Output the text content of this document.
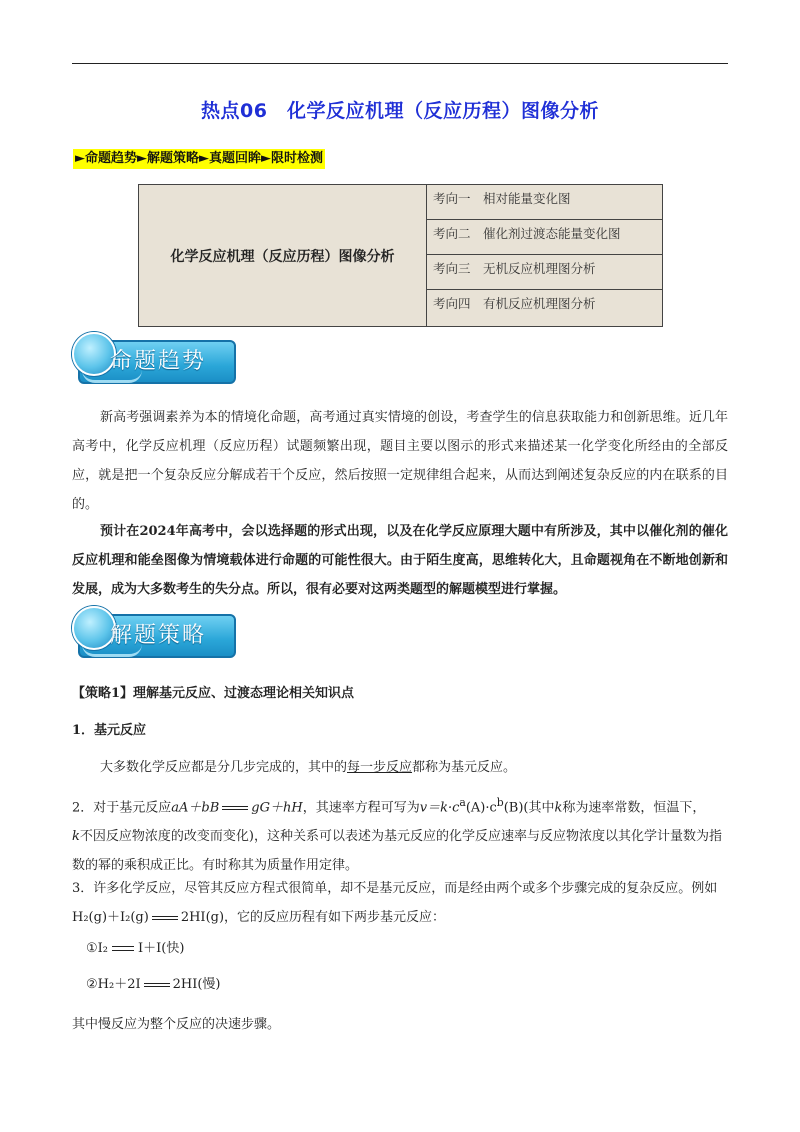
热点06　化学反应机理（反应历程）图像分析
►命题趋势►解题策略►真题回眸►限时检测
化学反应机理（反应历程）图像分析
考向一　相对能量变化图
考向二　催化剂过渡态能量变化图
考向三　无机反应机理图分析
考向四　有机反应机理图分析
命题趋势

新高考强调素养为本的情境化命题，高考通过真实情境的创设，考查学生的信息获取能力和创新思维。近几年高考中，化学反应机理（反应历程）试题频繁出现，题目主要以图示的形式来描述某一化学变化所经由的全部反应，就是把一个复杂反应分解成若干个反应，然后按照一定规律组合起来，从而达到阐述复杂反应的内在联系的目的。

预计在2024年高考中，会以选择题的形式出现，以及在化学反应原理大题中有所涉及，其中以催化剂的催化反应机理和能垒图像为情境载体进行命题的可能性很大。由于陌生度高，思维转化大，且命题视角在不断地创新和发展，成为大多数考生的失分点。所以，很有必要对这两类题型的解题模型进行掌握。

解题策略

【策略1】理解基元反应、过渡态理论相关知识点

1．基元反应

大多数化学反应都是分几步完成的，其中的每一步反应都称为基元反应。

2．对于基元反应aA＋bB gG＋hH，其速率方程可写为$v=k\cdot c^a(A)\cdot c^b(B)$(其中k称为速率常数，恒温下，
k不因反应物浓度的改变而变化)，这种关系可以表述为基元反应的化学反应速率与反应物浓度以其化学计量数为指数的幂的乘积成正比。有时称其为质量作用定律。

3．许多化学反应，尽管其反应方程式很简单，却不是基元反应，而是经由两个或多个步骤完成的复杂反应。例如H₂(g)＋I₂(g) 2HI(g)，它的反应历程有如下两步基元反应：

①I₂ I＋I(快)

②H₂＋2I 2HI(慢)

其中慢反应为整个反应的决速步骤。
